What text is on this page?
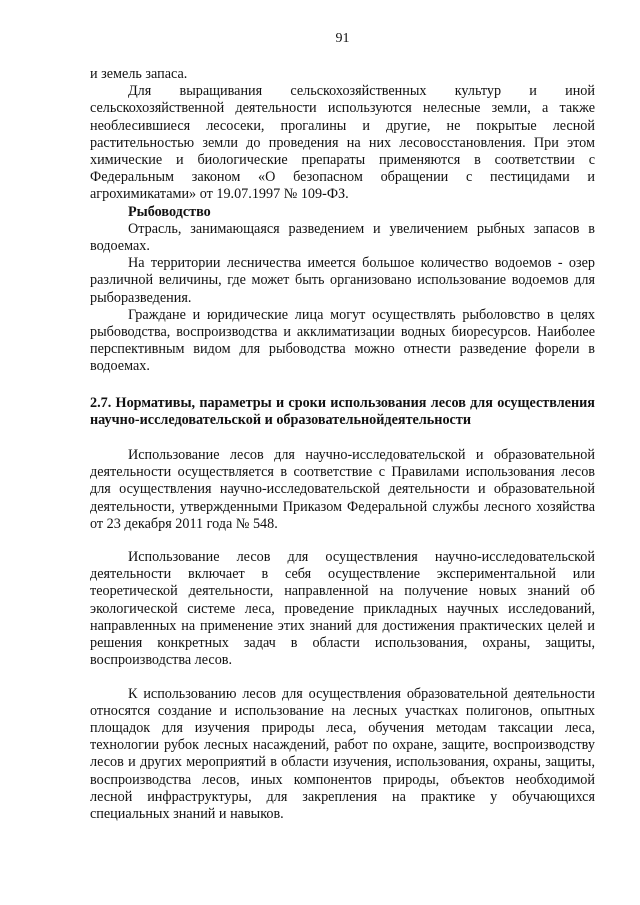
91

и земель запаса.

Для выращивания сельскохозяйственных культур и иной сельскохозяйственной деятельности используются нелесные земли, а также необлесившиеся лесосеки, прогалины и другие, не покрытые лесной растительностью земли до проведения на них лесовосстановления. При этом химические и биологические препараты применяются в соответствии с Федеральным законом «О безопасном обращении с пестицидами и агрохимикатами» от 19.07.1997 № 109-ФЗ.

Рыбоводство

Отрасль, занимающаяся разведением и увеличением рыбных запасов в водоемах.

На территории лесничества имеется большое количество водоемов - озер различной величины, где может быть организовано использование водоемов для рыборазведения.

Граждане и юридические лица могут осуществлять рыболовство в целях рыбоводства, воспроизводства и акклиматизации водных биоресурсов. Наиболее перспективным видом для рыбоводства можно отнести разведение форели в водоемах.

2.7. Нормативы, параметры и сроки использования лесов для осуществления научно-исследовательской и образовательнойдеятельности

Использование лесов для научно-исследовательской и образовательной деятельности осуществляется в соответствие с Правилами использования лесов для осуществления научно-исследовательской деятельности и образовательной деятельности, утвержденными Приказом Федеральной службы лесного хозяйства от 23 декабря 2011 года № 548.

Использование лесов для осуществления научно-исследовательской деятельности включает в себя осуществление экспериментальной или теоретической деятельности, направленной на получение новых знаний об экологической системе леса, проведение прикладных научных исследований, направленных на применение этих знаний для достижения практических целей и решения конкретных задач в области использования, охраны, защиты, воспроизводства лесов.

К использованию лесов для осуществления образовательной деятельности относятся создание и использование на лесных участках полигонов, опытных площадок для изучения природы леса, обучения методам таксации леса, технологии рубок лесных насаждений, работ по охране, защите, воспроизводству лесов и других мероприятий в области изучения, использования, охраны, защиты, воспроизводства лесов, иных компонентов природы, объектов необходимой лесной инфраструктуры, для закрепления на практике у обучающихся специальных знаний и навыков.
